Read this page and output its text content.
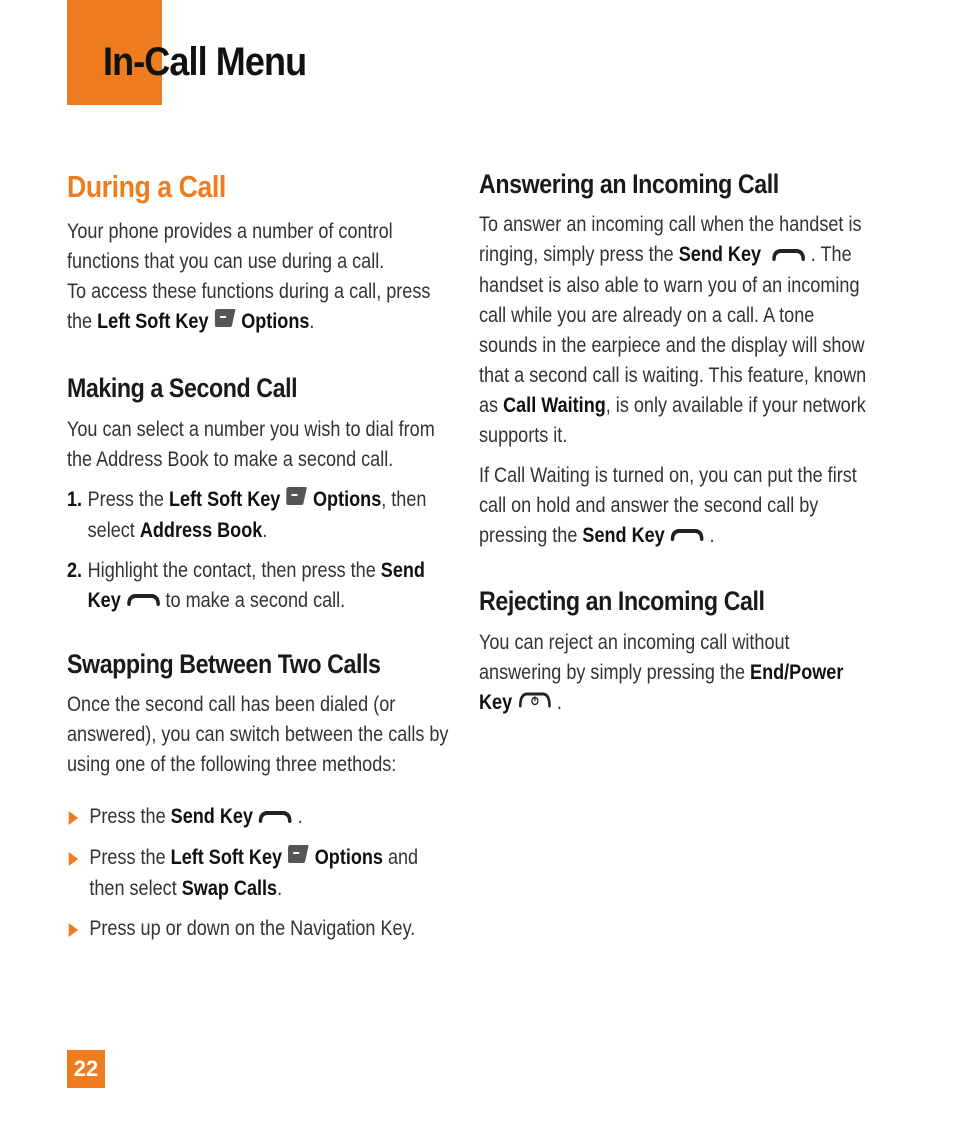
In-Call Menu
During a Call

Your phone provides a number of control functions that you can use during a call.

To access these functions during a call, press the Left Soft Key Options.

Making a Second Call

You can select a number you wish to dial from the Address Book to make a second call.

1. Press the Left Soft Key Options, then select Address Book.
2. Highlight the contact, then press the Send Key to make a second call.
Swapping Between Two Calls

Once the second call has been dialed (or answered), you can switch between the calls by using one of the following three methods:

Press the Send Key .
Press the Left Soft Key Options and then select Swap Calls.
Press up or down on the Navigation Key.
Answering an Incoming Call

To answer an incoming call when the handset is ringing, simply press the Send Key . The handset is also able to warn you of an incoming call while you are already on a call. A tone sounds in the earpiece and the display will show that a second call is waiting. This feature, known as Call Waiting, is only available if your network supports it.

If Call Waiting is turned on, you can put the first call on hold and answer the second call by pressing the Send Key .

Rejecting an Incoming Call

You can reject an incoming call without answering by simply pressing the End/Power Key .

22
